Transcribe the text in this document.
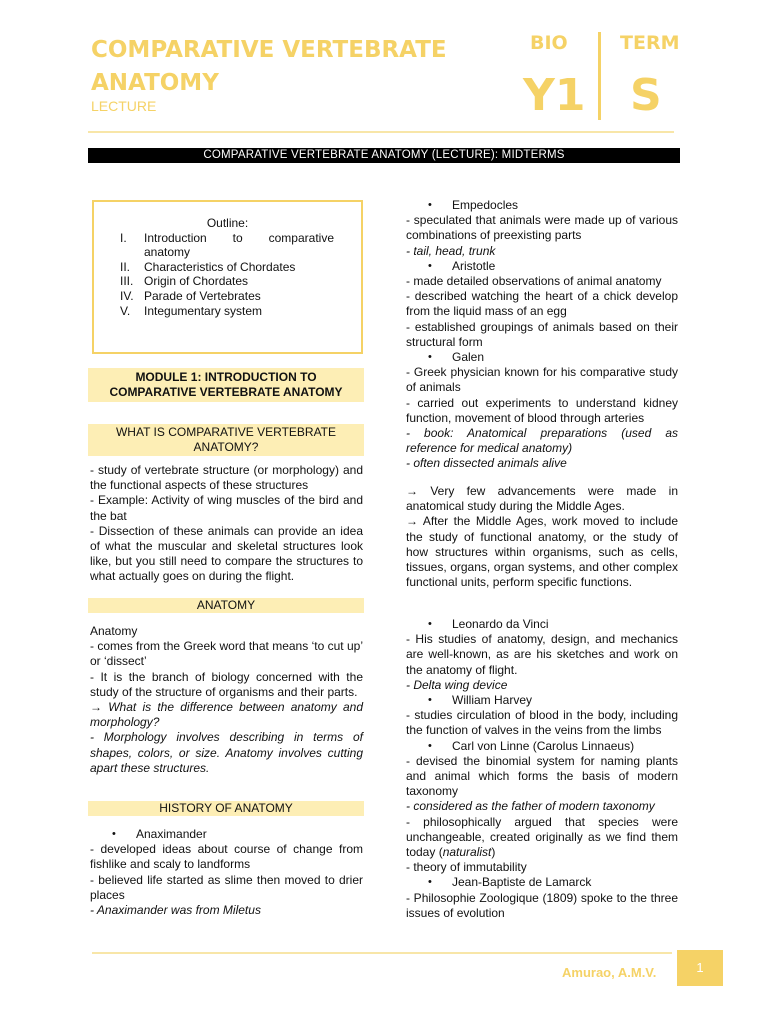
COMPARATIVE VERTEBRATE ANATOMY
LECTURE
BIO
Y1
TERM
S
COMPARATIVE VERTEBRATE ANATOMY (LECTURE): MIDTERMS
Outline:
I.	Introduction to comparative anatomy
II.	Characteristics of Chordates
III. Origin of Chordates
IV. Parade of Vertebrates
V.	Integumentary system
MODULE 1: INTRODUCTION TO COMPARATIVE VERTEBRATE ANATOMY
WHAT IS COMPARATIVE VERTEBRATE ANATOMY?

- study of vertebrate structure (or morphology) and the functional aspects of these structures

- Example: Activity of wing muscles of the bird and the bat

- Dissection of these animals can provide an idea of what the muscular and skeletal structures look like, but you still need to compare the structures to what actually goes on during the flight.

ANATOMY

Anatomy

- comes from the Greek word that means ‘to cut up’ or ‘dissect’

- It is the branch of biology concerned with the study of the structure of organisms and their parts.

→ What is the difference between anatomy and morphology?

- Morphology involves describing in terms of shapes, colors, or size. Anatomy involves cutting apart these structures.

HISTORY OF ANATOMY

• Anaximander

- developed ideas about course of change from fishlike and scaly to landforms

- believed life started as slime then moved to drier places

- Anaximander was from Miletus

• Empedocles

- speculated that animals were made up of various combinations of preexisting parts

- tail, head, trunk

• Aristotle

- made detailed observations of animal anatomy

- described watching the heart of a chick develop from the liquid mass of an egg

- established groupings of animals based on their structural form

• Galen

- Greek physician known for his comparative study of animals

- carried out experiments to understand kidney function, movement of blood through arteries

- book: Anatomical preparations (used as reference for medical anatomy)

- often dissected animals alive

→ Very few advancements were made in anatomical study during the Middle Ages.

→ After the Middle Ages, work moved to include the study of functional anatomy, or the study of how structures within organisms, such as cells, tissues, organs, organ systems, and other complex functional units, perform specific functions.

• Leonardo da Vinci

- His studies of anatomy, design, and mechanics are well-known, as are his sketches and work on the anatomy of flight.

- Delta wing device

• William Harvey

- studies circulation of blood in the body, including the function of valves in the veins from the limbs

• Carl von Linne (Carolus Linnaeus)

- devised the binomial system for naming plants and animal which forms the basis of modern taxonomy

- considered as the father of modern taxonomy

- philosophically argued that species were unchangeable, created originally as we find them today (naturalist)

- theory of immutability

• Jean-Baptiste de Lamarck

- Philosophie Zoologique (1809) spoke to the three issues of evolution

Amurao, A.M.V.	1
